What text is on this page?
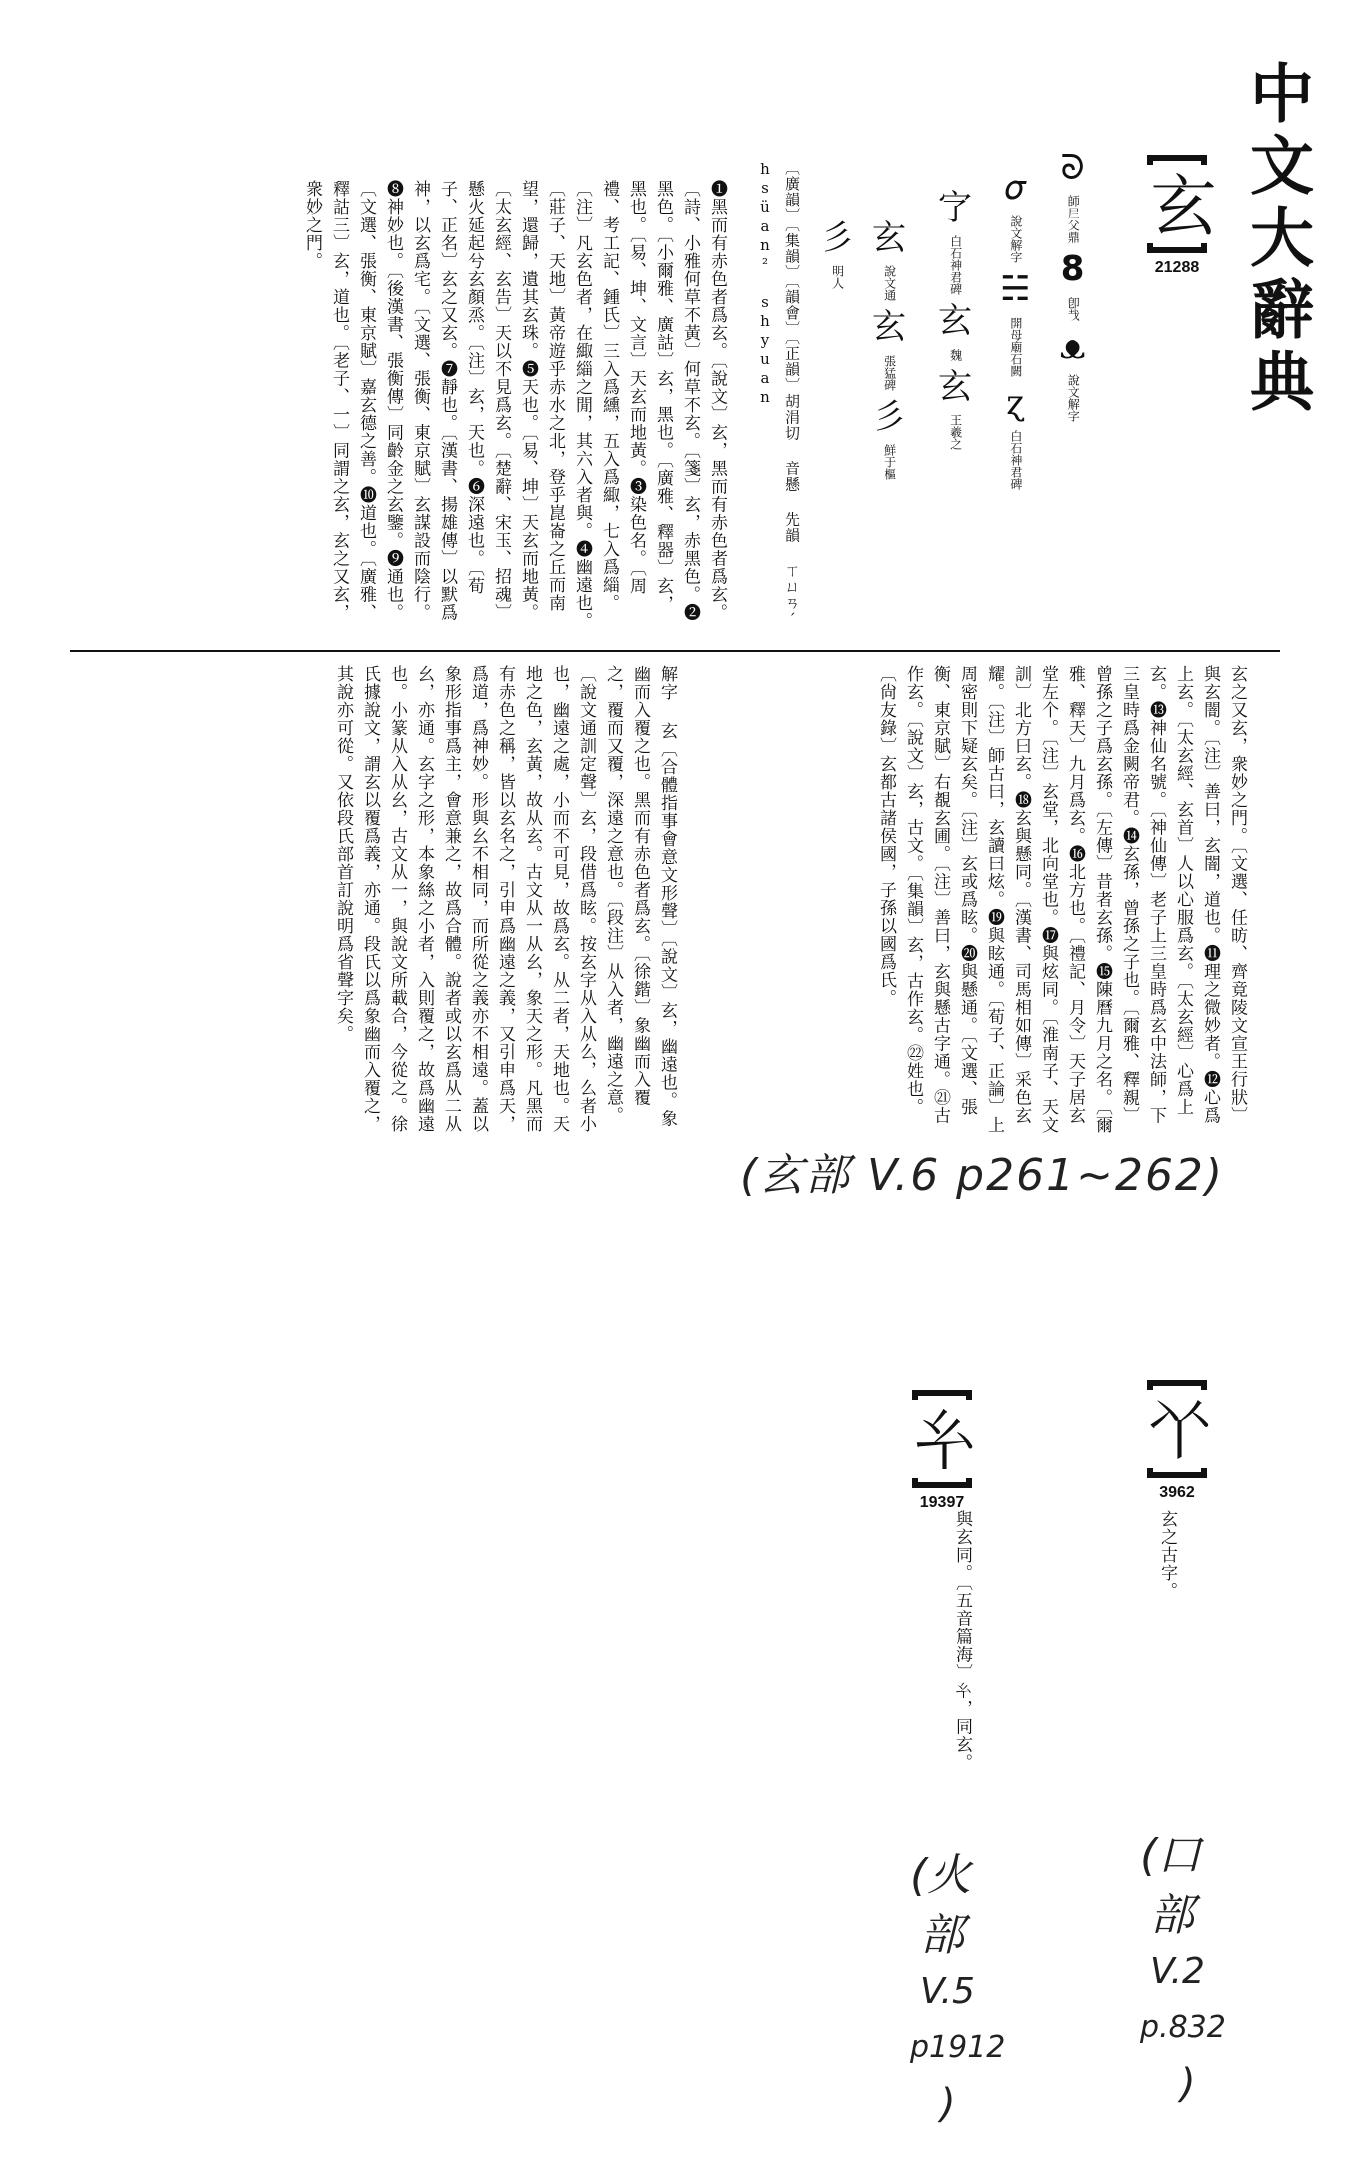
中文大辭典
玄
21288
ᘐ
師𡰥父鼎
𝟴
卽𢦏
ᴥ
說文解字
𝜎
說文解字
☵
開母廟石闕
ɀ
白石神君碑
㝋
白石神君碑
玄
魏
玄
王羲之
玄
說文通
玄
張猛碑
彡
鮮于樞
彡
明人
〔廣韻〕〔集韻〕〔韻會〕〔正韻〕胡涓切 音懸 先韻 ㄒㄩㄢˊ hsüan² shyuan
❶黑而有赤色者爲玄。〔說文〕玄，黑而有赤色者爲玄。〔詩、小雅何草不黃〕何草不玄。〔箋〕玄，赤黑色。❷黑色。〔小爾雅、廣詁〕玄，黑也。〔廣雅、釋器〕玄，黑也。〔易、坤、文言〕天玄而地黃。❸染色名。〔周禮、考工記、鍾氏〕三入爲纁，五入爲緅，七入爲緇。〔注〕凡玄色者，在緅緇之閒，其六入者與。❹幽遠也。〔莊子、天地〕黃帝遊乎赤水之北，登乎崑崙之丘而南望，還歸，遺其玄珠。❺天也。〔易、坤〕天玄而地黃。〔太玄經、玄告〕天以不見爲玄。〔楚辭、宋玉、招魂〕懸火延起兮玄顏烝。〔注〕玄，天也。❻深遠也。〔荀子、正名〕玄之又玄。❼靜也。〔漢書、揚雄傳〕以默爲神，以玄爲宅。〔文選、張衡、東京賦〕玄謀設而陰行。❽神妙也。〔後漢書、張衡傳〕同齡金之玄鑒。❾通也。〔文選、張衡、東京賦〕嘉玄德之善。❿道也。〔廣雅、釋詁三〕玄，道也。〔老子、一〕同謂之玄，玄之又玄，衆妙之門。
玄之又玄，衆妙之門。〔文選、任昉、齊竟陵文宣王行狀〕與玄闇。〔注〕善曰，玄闇，道也。⓫理之微妙者。⓬心爲上玄。〔太玄經、玄首〕人以心服爲玄。〔太玄經〕心爲上玄。⓭神仙名號。〔神仙傳〕老子上三皇時爲玄中法師，下三皇時爲金闕帝君。⓮玄孫，曾孫之子也。〔爾雅、釋親〕曾孫之子爲玄孫。〔左傳〕昔者玄孫。⓯陳曆九月之名。〔爾雅、釋天〕九月爲玄。⓰北方也。〔禮記、月令〕天子居玄堂左个。〔注〕玄堂，北向堂也。⓱與炫同。〔淮南子、天文訓〕北方曰玄。⓲玄與懸同。〔漢書、司馬相如傳〕采色玄耀。〔注〕師古曰，玄讀曰炫。⓳與眩通。〔荀子、正論〕上周密則下疑玄矣。〔注〕玄或爲眩。⓴與懸通。〔文選、張衡、東京賦〕右覩玄圃。〔注〕善曰，玄與懸古字通。㉑古作玄。〔說文〕玄，古文。〔集韻〕玄，古作玄。㉒姓也。〔尙友錄〕玄都古諸侯國，子孫以國爲氏。
解字 玄〔合體指事會意文形聲〕〔說文〕玄，幽遠也。象幽而入覆之也。黑而有赤色者爲玄。〔徐鍇〕象幽而入覆之，覆而又覆，深遠之意也。〔段注〕从入者，幽遠之意。〔說文通訓定聲〕玄，段借爲眩。按玄字从入从么，么者小也，幽遠之處，小而不可見，故爲玄。从二者，天地也。天地之色，玄黃，故从玄。古文从一从幺，象天之形。凡黑而有赤色之稱，皆以玄名之，引申爲幽遠之義，又引申爲天，爲道，爲神妙。形與幺不相同，而所從之義亦不相遠。蓋以象形指事爲主，會意兼之，故爲合體。說者或以玄爲从二从幺，亦通。玄字之形，本象絲之小者，入則覆之，故爲幽遠也。小篆从入从幺，古文从一，與說文所載合，今從之。徐氏據說文，謂玄以覆爲義，亦通。段氏以爲象幽而入覆之，其說亦可從。又依段氏部首訂說明爲省聲字矣。
(玄部 V.6 p261~262)
𠁥
3962
玄之古字。
𢆯
19397
與玄同。〔五音篇海〕𢆯，同玄。
(火
部
V.5
p1912
)
(口
部
V.2
p.832
)
